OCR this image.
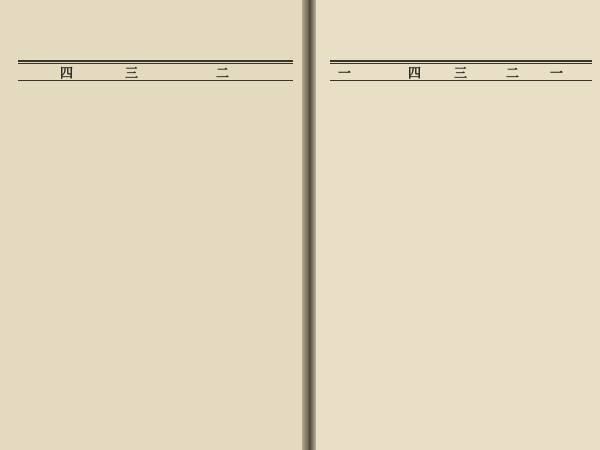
二
三
四	一
二
三
四
一
